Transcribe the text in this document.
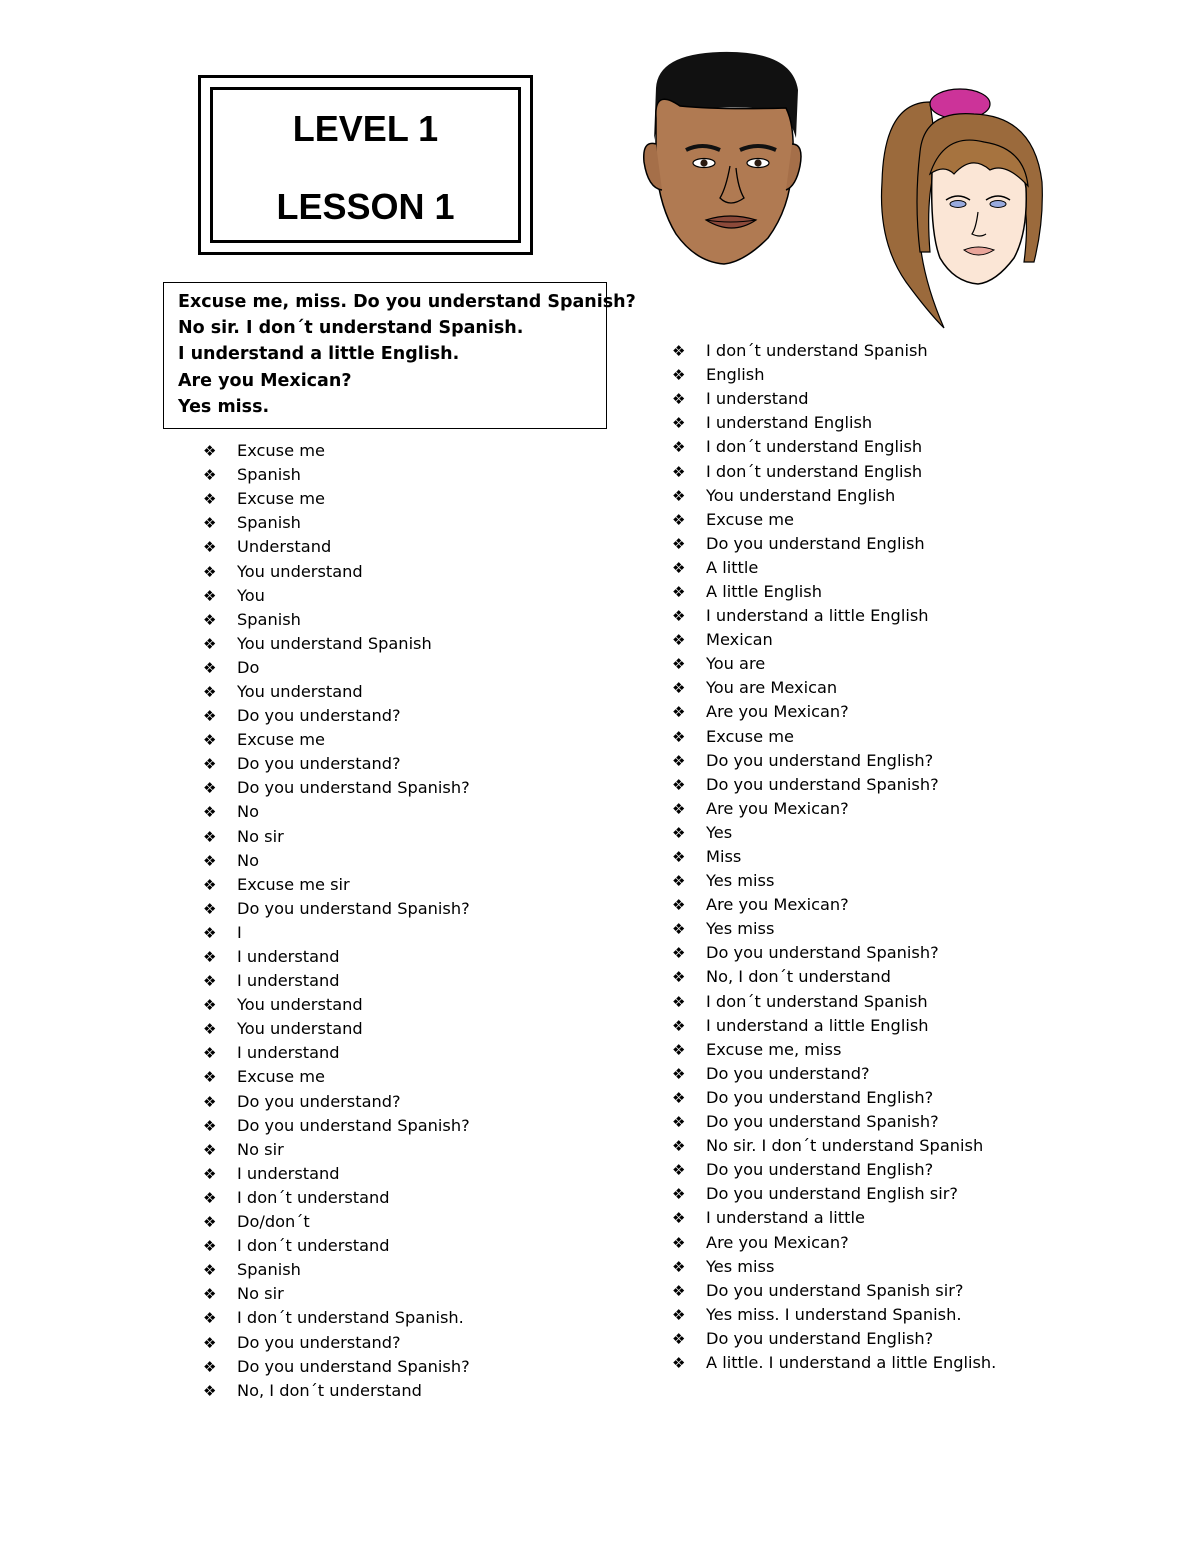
LEVEL 1
LESSON 1
Excuse me, miss. Do you understand Spanish?
No sir. I don´t understand Spanish.
I understand a little English.
Are you Mexican?
Yes miss.
❖	Excuse me
❖	Spanish
❖	Excuse me
❖	Spanish
❖	Understand
❖	You understand
❖	You
❖	Spanish
❖	You understand Spanish
❖	Do
❖	You understand
❖	Do you understand?
❖	Excuse me
❖	Do you understand?
❖	Do you understand Spanish?
❖	No
❖	No sir
❖	No
❖	Excuse me sir
❖	Do you understand Spanish?
❖	I
❖	I understand
❖	I understand
❖	You understand
❖	You understand
❖	I understand
❖	Excuse me
❖	Do you understand?
❖	Do you understand Spanish?
❖	No sir
❖	I understand
❖	I don´t understand
❖	Do/don´t
❖	I don´t understand
❖	Spanish
❖	No sir
❖	I don´t understand Spanish.
❖	Do you understand?
❖	Do you understand Spanish?
❖	No, I don´t understand
❖	I don´t understand Spanish
❖	English
❖	I understand
❖	I understand English
❖	I don´t understand English
❖	I don´t understand English
❖	You understand English
❖	Excuse me
❖	Do you understand English
❖	A little
❖	A little English
❖	I understand a little English
❖	Mexican
❖	You are
❖	You are Mexican
❖	Are you Mexican?
❖	Excuse me
❖	Do you understand English?
❖	Do you understand Spanish?
❖	Are you Mexican?
❖	Yes
❖	Miss
❖	Yes miss
❖	Are you Mexican?
❖	Yes miss
❖	Do you understand Spanish?
❖	No, I don´t understand
❖	I don´t understand Spanish
❖	I understand a little English
❖	Excuse me, miss
❖	Do you understand?
❖	Do you understand English?
❖	Do you understand Spanish?
❖	No sir. I don´t understand Spanish
❖	Do you understand English?
❖	Do you understand English sir?
❖	I understand a little
❖	Are you Mexican?
❖	Yes miss
❖	Do you understand Spanish sir?
❖	Yes miss. I understand Spanish.
❖	Do you understand English?
❖	A little. I understand a little English.
